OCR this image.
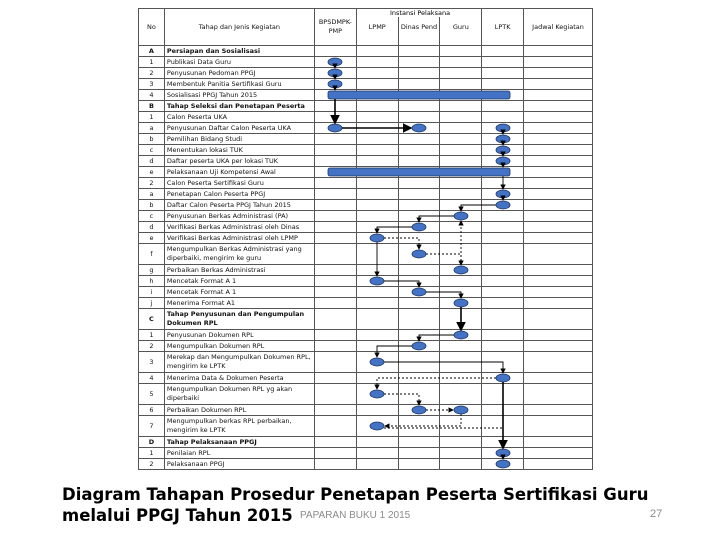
No	Tahap dan Jenis Kegiatan	BPSDMPK-PMP	LPMP	Dinas Pend	Guru	LPTK	Jadwal Kegiatan
A	Persiapan dan Sosialisasi						
1	Publikasi Data Guru						
2	Penyusunan Pedoman PPGJ						
3	Membentuk Panitia Sertifikasi Guru						
4	Sosialisasi PPGJ Tahun 2015						
B	Tahap Seleksi dan Penetapan Peserta						
1	Calon Peserta UKA						
a	Penyusunan Daftar Calon Peserta UKA						
b	Pemilihan Bidang Studi						
c	Menentukan lokasi TUK						
d	Daftar peserta UKA per lokasi TUK						
e	Pelaksanaan Uji Kompetensi Awal						
2	Calon Peserta Sertifikasi Guru						
a	Penetapan Calon Peserta PPGJ						
b	Daftar Calon Peserta PPGJ Tahun 2015						
c	Penyusunan Berkas Administrasi (PA)						
d	Verifikasi Berkas Administrasi oleh Dinas						
e	Verifikasi Berkas Administrasi oleh LPMP						
f	Mengumpulkan Berkas Administrasi yang diperbaiki, mengirim ke guru						
g	Perbaikan Berkas Administrasi						
h	Mencetak Format A 1						
i	Mencetak Format A 1						
j	Menerima Format A1						
C	Tahap Penyusunan dan Pengumpulan Dokumen RPL						
1	Penyusunan Dokumen RPL						
2	Mengumpulkan Dokumen RPL						
3	Merekap dan Mengumpulkan Dokumen RPL, mengirim ke LPTK						
4	Menerima Data & Dokumen Peserta						
5	Mengumpulkan Dokumen RPL yg akan diperbaiki						
6	Perbaikan Dokumen RPL						
7	Mengumpulkan berkas RPL perbaikan, mengirim ke LPTK						
D	Tahap Pelaksanaan PPGJ						
1	Penilaian RPL						
2	Pelaksanaan PPGJ						
Instansi Pelaksana
Diagram Tahapan Prosedur Penetapan Peserta Sertifikasi Guru
melalui PPGJ Tahun 2015 PAPARAN BUKU 1 2015	27
